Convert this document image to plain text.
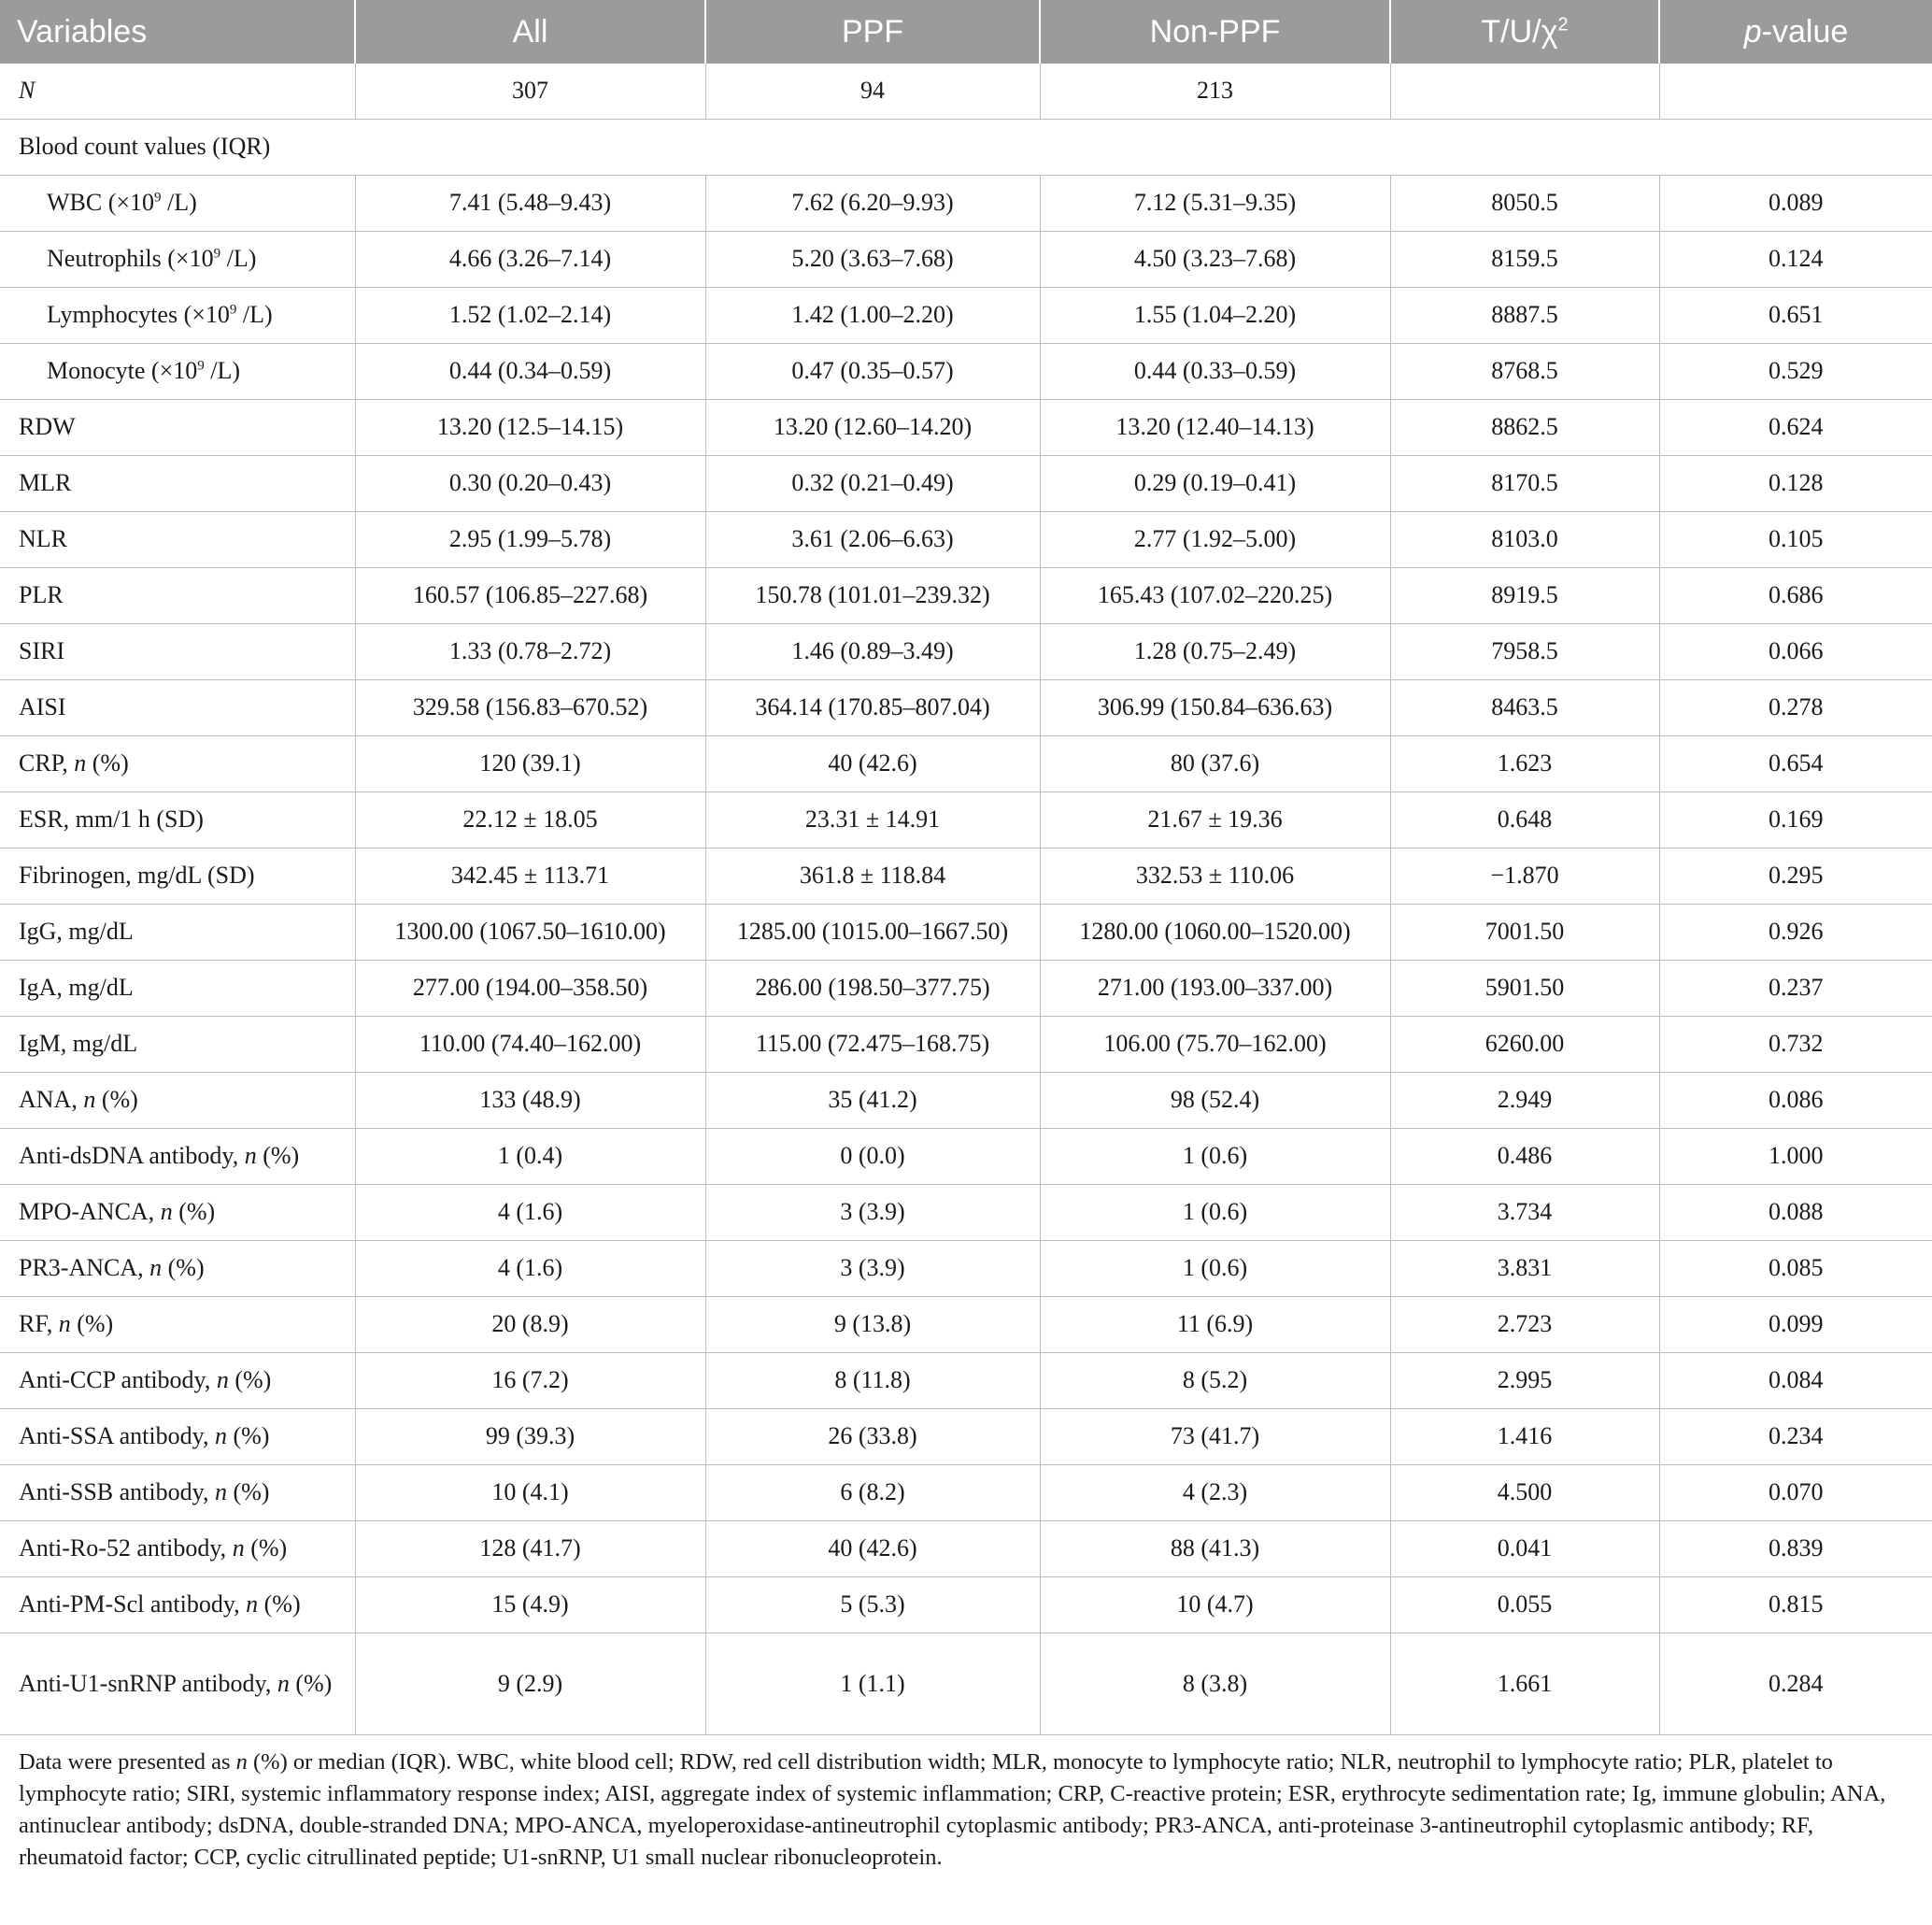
Variables	All	PPF	Non-PPF	$T/U/\chi^2$	p-value
N	307	94	213		
Blood count values (IQR)					
WBC ($\times 10^9$ /L)	7.41 (5.48–9.43)	7.62 (6.20–9.93)	7.12 (5.31–9.35)	8050.5	0.089
Neutrophils ($\times 10^9$ /L)	4.66 (3.26–7.14)	5.20 (3.63–7.68)	4.50 (3.23–7.68)	8159.5	0.124
Lymphocytes ($\times 10^9$ /L)	1.52 (1.02–2.14)	1.42 (1.00–2.20)	1.55 (1.04–2.20)	8887.5	0.651
Monocyte ($\times 10^9$ /L)	0.44 (0.34–0.59)	0.47 (0.35–0.57)	0.44 (0.33–0.59)	8768.5	0.529
RDW	13.20 (12.5–14.15)	13.20 (12.60–14.20)	13.20 (12.40–14.13)	8862.5	0.624
MLR	0.30 (0.20–0.43)	0.32 (0.21–0.49)	0.29 (0.19–0.41)	8170.5	0.128
NLR	2.95 (1.99–5.78)	3.61 (2.06–6.63)	2.77 (1.92–5.00)	8103.0	0.105
PLR	160.57 (106.85–227.68)	150.78 (101.01–239.32)	165.43 (107.02–220.25)	8919.5	0.686
SIRI	1.33 (0.78–2.72)	1.46 (0.89–3.49)	1.28 (0.75–2.49)	7958.5	0.066
AISI	329.58 (156.83–670.52)	364.14 (170.85–807.04)	306.99 (150.84–636.63)	8463.5	0.278
CRP, n (%)	120 (39.1)	40 (42.6)	80 (37.6)	1.623	0.654
ESR, mm/1 h (SD)	22.12 ± 18.05	23.31 ± 14.91	21.67 ± 19.36	0.648	0.169
Fibrinogen, mg/dL (SD)	342.45 ± 113.71	361.8 ± 118.84	332.53 ± 110.06	−1.870	0.295
IgG, mg/dL	1300.00 (1067.50–1610.00)	1285.00 (1015.00–1667.50)	1280.00 (1060.00–1520.00)	7001.50	0.926
IgA, mg/dL	277.00 (194.00–358.50)	286.00 (198.50–377.75)	271.00 (193.00–337.00)	5901.50	0.237
IgM, mg/dL	110.00 (74.40–162.00)	115.00 (72.475–168.75)	106.00 (75.70–162.00)	6260.00	0.732
ANA, n (%)	133 (48.9)	35 (41.2)	98 (52.4)	2.949	0.086
Anti-dsDNA antibody, n (%)	1 (0.4)	0 (0.0)	1 (0.6)	0.486	1.000
MPO-ANCA, n (%)	4 (1.6)	3 (3.9)	1 (0.6)	3.734	0.088
PR3-ANCA, n (%)	4 (1.6)	3 (3.9)	1 (0.6)	3.831	0.085
RF, n (%)	20 (8.9)	9 (13.8)	11 (6.9)	2.723	0.099
Anti-CCP antibody, n (%)	16 (7.2)	8 (11.8)	8 (5.2)	2.995	0.084
Anti-SSA antibody, n (%)	99 (39.3)	26 (33.8)	73 (41.7)	1.416	0.234
Anti-SSB antibody, n (%)	10 (4.1)	6 (8.2)	4 (2.3)	4.500	0.070
Anti-Ro-52 antibody, n (%)	128 (41.7)	40 (42.6)	88 (41.3)	0.041	0.839
Anti-PM-Scl antibody, n (%)	15 (4.9)	5 (5.3)	10 (4.7)	0.055	0.815
Anti-U1-snRNP antibody, n (%)	9 (2.9)	1 (1.1)	8 (3.8)	1.661	0.284
Data were presented as n (%) or median (IQR). WBC, white blood cell; RDW, red cell distribution width; MLR, monocyte to lymphocyte ratio; NLR, neutrophil to lymphocyte ratio; PLR, platelet to lymphocyte ratio; SIRI, systemic inflammatory response index; AISI, aggregate index of systemic inflammation; CRP, C-reactive protein; ESR, erythrocyte sedimentation rate; Ig, immune globulin; ANA, antinuclear antibody; dsDNA, double-stranded DNA; MPO-ANCA, myeloperoxidase-antineutrophil cytoplasmic antibody; PR3-ANCA, anti-proteinase 3-antineutrophil cytoplasmic antibody; RF, rheumatoid factor; CCP, cyclic citrullinated peptide; U1-snRNP, U1 small nuclear ribonucleoprotein.
